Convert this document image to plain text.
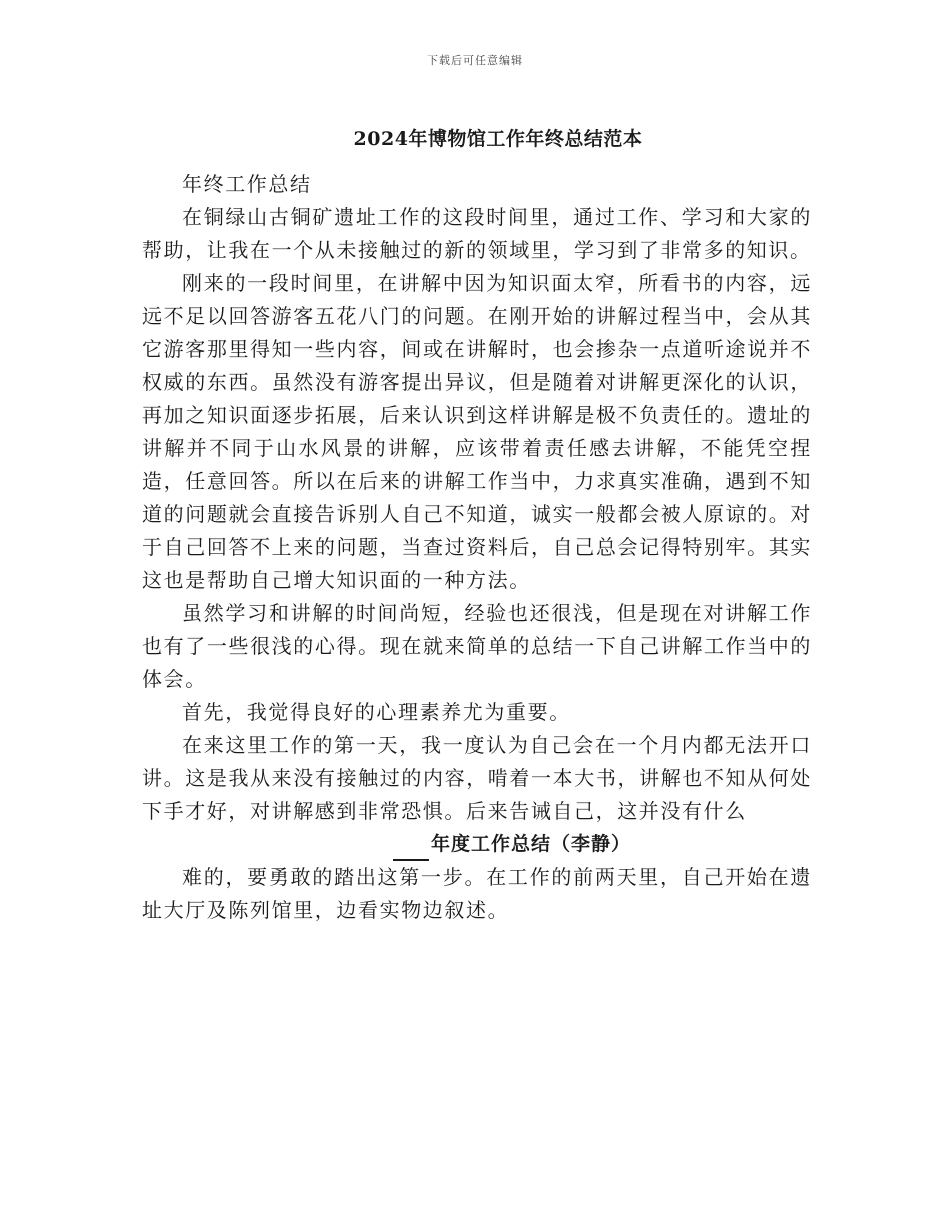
下载后可任意编辑
2024年博物馆工作年终总结范本

年终工作总结

在铜绿山古铜矿遗址工作的这段时间里，通过工作、学习和大家的帮助，让我在一个从未接触过的新的领域里，学习到了非常多的知识。

刚来的一段时间里，在讲解中因为知识面太窄，所看书的内容，远远不足以回答游客五花八门的问题。在刚开始的讲解过程当中，会从其它游客那里得知一些内容，间或在讲解时，也会掺杂一点道听途说并不权威的东西。虽然没有游客提出异议，但是随着对讲解更深化的认识，再加之知识面逐步拓展，后来认识到这样讲解是极不负责任的。遗址的讲解并不同于山水风景的讲解，应该带着责任感去讲解，不能凭空捏造，任意回答。所以在后来的讲解工作当中，力求真实准确，遇到不知道的问题就会直接告诉别人自己不知道，诚实一般都会被人原谅的。对于自己回答不上来的问题，当查过资料后，自己总会记得特别牢。其实这也是帮助自己增大知识面的一种方法。

虽然学习和讲解的时间尚短，经验也还很浅，但是现在对讲解工作也有了一些很浅的心得。现在就来简单的总结一下自己讲解工作当中的体会。

首先，我觉得良好的心理素养尤为重要。

在来这里工作的第一天，我一度认为自己会在一个月内都无法开口讲。这是我从来没有接触过的内容，啃着一本大书，讲解也不知从何处下手才好，对讲解感到非常恐惧。后来告诫自己，这并没有什么

年度工作总结（李静）

难的，要勇敢的踏出这第一步。在工作的前两天里，自己开始在遗址大厅及陈列馆里，边看实物边叙述。
